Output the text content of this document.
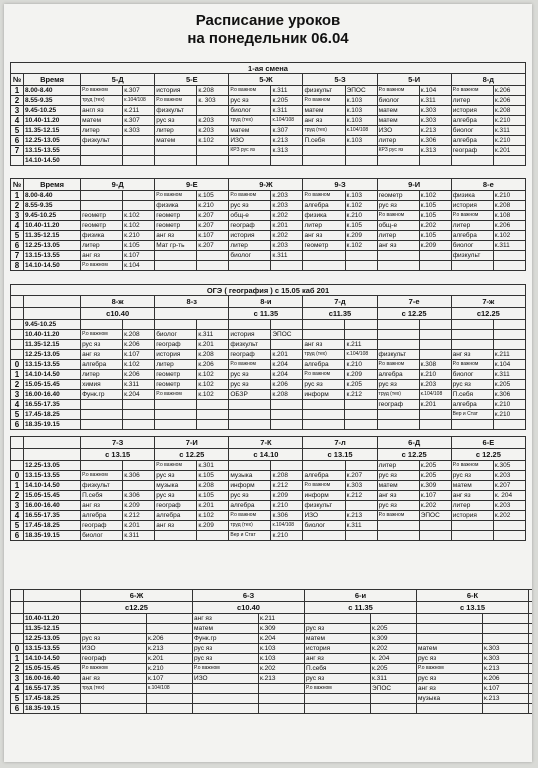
Расписание уроков
на понедельник 06.04
1-ая смена													
№	Время	5-Д		5-Е		5-Ж		5-З		5-И		8-д	
1	8.00-8.40	Р.о важном	к.307	история	к.208	Р.о важном	к.311	физкульт	ЭПОС	Р.о важном	к.104	Р.о важном	к.206
2	8.55-9.35	труд (тех)	к.104/108	Р.о важном	к. 303	рус яз	к.205	Р.о важном	к.103	биолог	к.311	литер	к.206
3	9.45-10.25	англ яз	к.211	физкульт		биолог	к.311	матем	к.103	матем	к.303	история	к.208
4	10.40-11.20	матем	к.307	рус яз	к.203	труд (тех)	к.104/108	анг яз	к.103	матем	к.303	алгебра	к.210
5	11.35-12.15	литер	к.303	литер	к.203	матем	к.307	труд (тех)	к.104/108	ИЗО	к.213	биолог	к.311
6	12.25-13.05	физкульт		матем	к.102	ИЗО	к.213	П.себя	к.103	литер	к.306	алгебра	к.210
7	13.15-13.55					КРЗ рус яз	к.313			КРЗ рус яз	к.313	географ	к.201
	14.10-14.50												
№	Время	9-Д		9-Е		9-Ж		9-З		9-И		8-е	
1	8.00-8.40			Р.о важном	к.105	Р.о важном	к.203	Р.о важном	к.103	геометр	к.102	физика	к.210
2	8.55-9.35			физика	к.210	рус яз	к.203	алгебра	к.102	рус яз	к.105	история	к.208
3	9.45-10.25	геометр	к.102	геометр	к.207	общ-е	к.202	физика	к.210	Р.о важном	к.105	Р.о важном	к.108
4	10.40-11.20	геометр	к.102	геометр	к.207	географ	к.201	литер	к.105	общ-е	к.202	литер	к.206
5	11.35-12.15	физика	к.210	анг яз	к.107	история	к.202	анг яз	к.209	литер	к.105	алгебра	к.102
6	12.25-13.05	литер	к.105	Мат гр-ть	к.207	литер	к.203	геометр	к.102	анг яз	к.209	биолог	к.311
7	13.15-13.55	анг яз	к.107			биолог	к.311					физкульт	
8	14.10-14.50	Р.о важном	к.104										
ОГЭ ( география ) с 15.05 каб 201													
		8-ж		8-з		8-и		7-д		7-е		7-ж	
		с10.40				с 11.35		с11.35		с 12.25		с12.25	
	9.45-10.25												
	10.40-11.20	Р.о важном	к.208	биолог	к.311	история	ЭПОС						
	11.35-12.15	рус яз	к.206	географ	к.201	физкульт		анг яз	к.211				
	12.25-13.05	анг яз	к.107	история	к.208	географ	к.201	труд (тех)	к.104/108	физкульт		анг яз	к.211
0	13.15-13.55	алгебра	к.102	литер	к.206	Р.о важном	к.204	алгебра	к.210	Р.о важном	к.308	Р.о важном	к.104
1	14.10-14.50	литер	к.206	геометр	к.102	рус яз	к.204	Р.о важном	к.209	алгебра	к.210	биолог	к.311
2	15.05-15.45	химия	к.311	геометр	к.102	рус яз	к.206	рус яз	к.205	рус яз	к.203	рус яз	к.205
3	16.00-16.40	Функ.гр	к.204	Р.о важном	к.102	ОБЗР	к.208	информ	к.212	труд (тех)	к.104/108	П.себя	к.306
4	16.55-17.35									географ	к.201	алгебра	к.210
5	17.45-18.25											Вер и Стат	к.210
6	18.35-19.15												
		7-З		7-И		7-К		7-л		6-Д		6-Е	
		с 13.15		с 12.25		с 14.10		с 13.15		с 12.25		с 12.25	
	12.25-13.05			Р.о важном	к.301					литер	к.205	Р.о важном	к.305
0	13.15-13.55	Р.о важном	к.306	рус яз	к.105	музыка	к.208	алгебра	к.207	рус яз	к.205	рус яз	к.203
1	14.10-14.50	физкульт		музыка	к.208	информ	к.212	Р.о важном	к.303	матем	к.309	матем	к.207
2	15.05-15.45	П.себя	к.306	рус яз	к.105	рус яз	к.209	информ	к.212	анг яз	к.107	анг яз	к. 204
3	16.00-16.40	анг яз	к.209	географ	к.201	алгебра	к.210	физкульт		рус яз	к.202	литер	к.203
4	16.55-17.35	алгебра	к.212	алгебра	к.102	Р.о важном	к.306	ИЗО	к.213	Р.о важном	ЭПОС	история	к.202
5	17.45-18.25	географ	к.201	анг яз	к.209	труд (тех)	к.104/108	биолог	к.311				
6	18.35-19.15	биолог	к.311			Вер и Стат	к.210						
		6-Ж		6-З		6-и		6-К		
		с12.25		с10.40		с 11.35		с 13.15		
	10.40-11.20			анг яз	к.211					
	11.35-12.15			матем	к.309	рус яз	к.205			
	12.25-13.05	рус яз	к.206	Функ.гр	к.204	матем	к.309			
0	13.15-13.55	ИЗО	к.213	рус яз	к.103	история	к.202	матем	к.303	
1	14.10-14.50	географ	к.201	рус яз	к.103	анг яз	к. 204	рус яз	к.303	
2	15.05-15.45	Р.о важном	к.210	Р.о важном	к.202	П.себя	к.205	Р.о важном	к.213	
3	16.00-16.40	анг яз	к.107	ИЗО	к.213	рус яз	к.311	рус яз	к.206	
4	16.55-17.35	труд (тех)	к.104/108			Р.о важном	ЭПОС	анг яз	к.107	
5	17.45-18.25							музыка	к.213	
6	18.35-19.15									
